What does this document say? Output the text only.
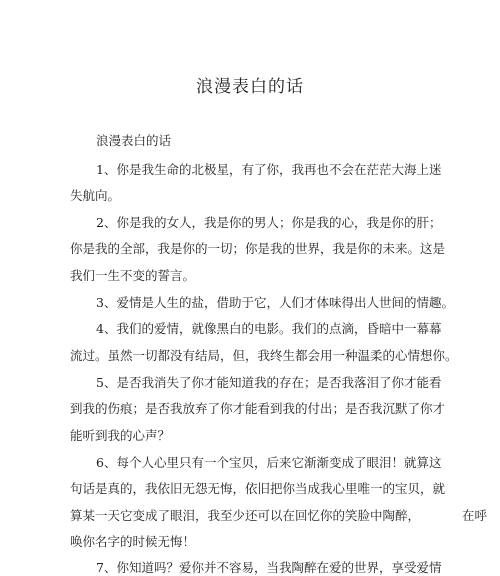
浪漫表白的话
浪漫表白的话
1、你是我生命的北极星，有了你，我再也不会在茫茫大海上迷
失航向。
2、你是我的女人，我是你的男人；你是我的心，我是你的肝；
你是我的全部，我是你的一切；你是我的世界，我是你的未来。这是
我们一生不变的誓言。
3、爱情是人生的盐，借助于它，人们才体味得出人世间的情趣。
4、我们的爱情，就像黑白的电影。我们的点滴，昏暗中一幕幕
流过。虽然一切都没有结局，但，我终生都会用一种温柔的心情想你。
5、是否我消失了你才能知道我的存在；是否我落泪了你才能看
到我的伤痕；是否我放弃了你才能看到我的付出；是否我沉默了你才
能听到我的心声？
6、每个人心里只有一个宝贝，后来它渐渐变成了眼泪！就算这
句话是真的，我依旧无怨无悔，依旧把你当成我心里唯一的宝贝，就
算某一天它变成了眼泪，我至少还可以在回忆你的笑脸中陶醉，	在呼
唤你名字的时候无悔！
7、你知道吗？爱你并不容易，当我陶醉在爱的世界，享受爱情
